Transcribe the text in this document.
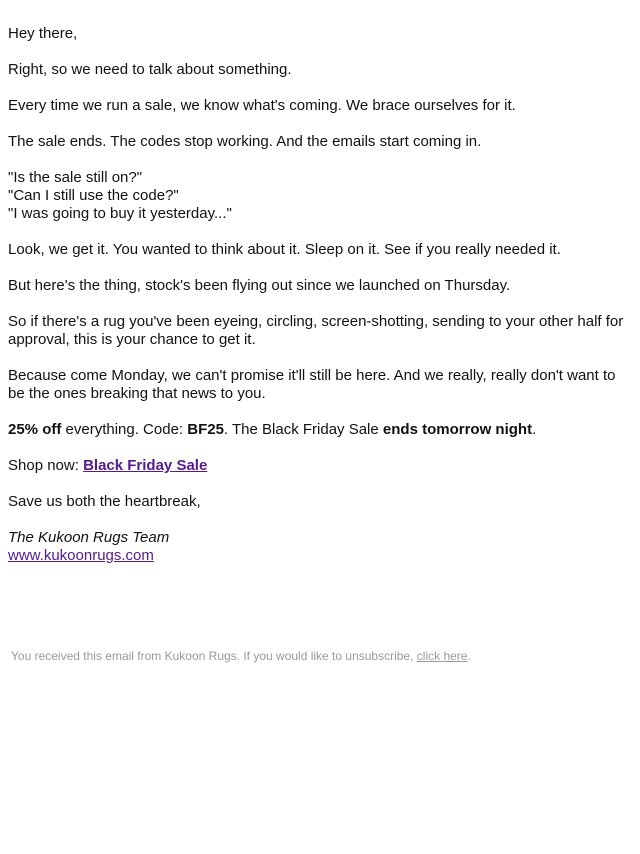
Hey there,

Right, so we need to talk about something.

Every time we run a sale, we know what's coming. We brace ourselves for it.

The sale ends. The codes stop working. And the emails start coming in.

"Is the sale still on?"
"Can I still use the code?"
"I was going to buy it yesterday..."

Look, we get it. You wanted to think about it. Sleep on it. See if you really needed it.

But here's the thing, stock's been flying out since we launched on Thursday.

So if there's a rug you've been eyeing, circling, screen-shotting, sending to your other half for approval, this is your chance to get it.

Because come Monday, we can't promise it'll still be here. And we really, really don't want to be the ones breaking that news to you.

25% off everything. Code: BF25. The Black Friday Sale ends tomorrow night.

Shop now: Black Friday Sale

Save us both the heartbreak,

The Kukoon Rugs Team
www.kukoonrugs.com

You received this email from Kukoon Rugs. If you would like to unsubscribe, click here.
